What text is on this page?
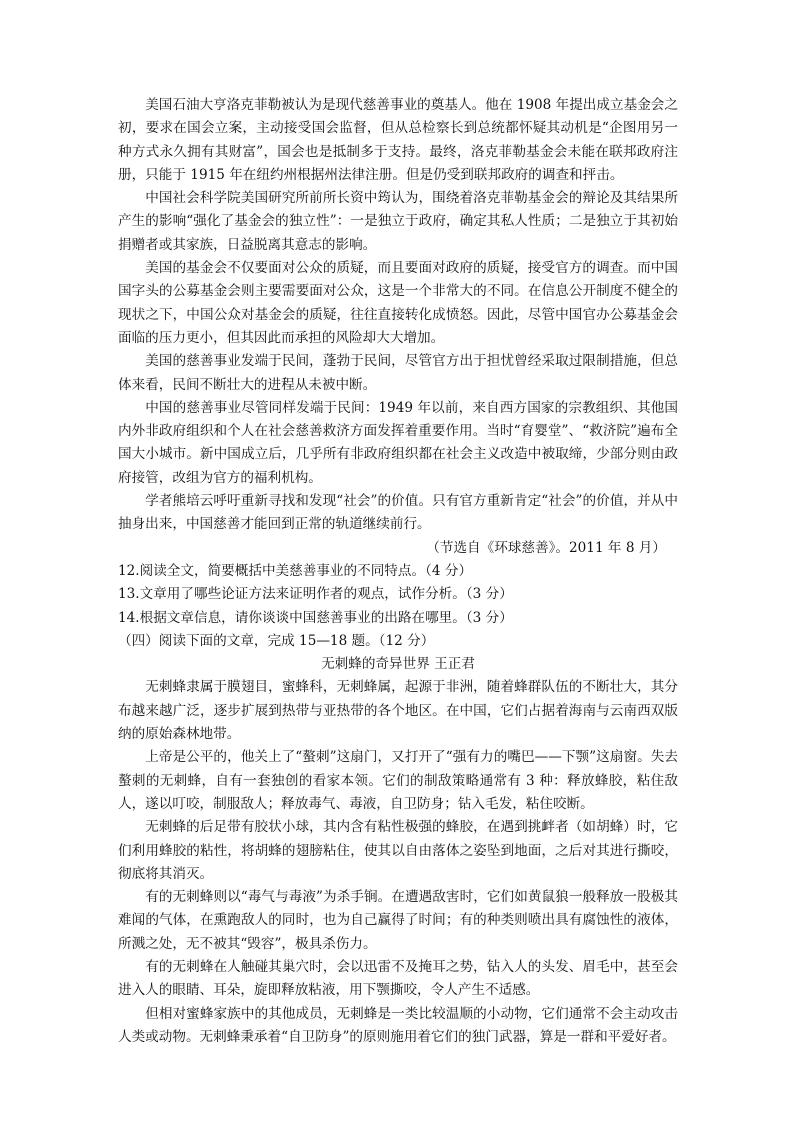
美国石油大亨洛克菲勒被认为是现代慈善事业的奠基人。他在 1908 年提出成立基金会之初，要求在国会立案，主动接受国会监督，但从总检察长到总统都怀疑其动机是“企图用另一种方式永久拥有其财富”，国会也是抵制多于支持。最终，洛克菲勒基金会未能在联邦政府注册，只能于 1915 年在纽约州根据州法律注册。但是仍受到联邦政府的调查和抨击。

中国社会科学院美国研究所前所长资中筠认为，围绕着洛克菲勒基金会的辩论及其结果所产生的影响“强化了基金会的独立性”：一是独立于政府，确定其私人性质；二是独立于其初始捐赠者或其家族，日益脱离其意志的影响。

美国的基金会不仅要面对公众的质疑，而且要面对政府的质疑，接受官方的调查。而中国国字头的公募基金会则主要需要面对公众，这是一个非常大的不同。在信息公开制度不健全的现状之下，中国公众对基金会的质疑，往往直接转化成愤怒。因此，尽管中国官办公募基金会面临的压力更小，但其因此而承担的风险却大大增加。

美国的慈善事业发端于民间，蓬勃于民间，尽管官方出于担忧曾经采取过限制措施，但总体来看，民间不断壮大的进程从未被中断。

中国的慈善事业尽管同样发端于民间：1949 年以前，来自西方国家的宗教组织、其他国内外非政府组织和个人在社会慈善救济方面发挥着重要作用。当时“育婴堂”、“救济院”遍布全国大小城市。新中国成立后，几乎所有非政府组织都在社会主义改造中被取缔，少部分则由政府接管，改组为官方的福利机构。

学者熊培云呼吁重新寻找和发现“社会”的价值。只有官方重新肯定“社会”的价值，并从中抽身出来，中国慈善才能回到正常的轨道继续前行。

（节选自《环球慈善》。2011 年 8 月）

12.阅读全文，简要概括中美慈善事业的不同特点。（4 分）

13.文章用了哪些论证方法来证明作者的观点，试作分析。（3 分）

14.根据文章信息，请你谈谈中国慈善事业的出路在哪里。（3 分）

（四）阅读下面的文章，完成 15—18 题。（12 分）

无刺蜂的奇异世界 王正君

无刺蜂隶属于膜翅目，蜜蜂科，无刺蜂属，起源于非洲，随着蜂群队伍的不断壮大，其分布越来越广泛，逐步扩展到热带与亚热带的各个地区。在中国，它们占据着海南与云南西双版纳的原始森林地带。

上帝是公平的，他关上了“螯刺”这扇门，又打开了“强有力的嘴巴——下颚”这扇窗。失去螯刺的无刺蜂，自有一套独创的看家本领。它们的制敌策略通常有 3 种：释放蜂胶，粘住敌人，遂以叮咬，制服敌人；释放毒气、毒液，自卫防身；钻入毛发，粘住咬断。

无刺蜂的后足带有胶状小球，其内含有粘性极强的蜂胶，在遇到挑衅者（如胡蜂）时，它们利用蜂胶的粘性，将胡蜂的翅膀粘住，使其以自由落体之姿坠到地面，之后对其进行撕咬，彻底将其消灭。

有的无刺蜂则以“毒气与毒液”为杀手锏。在遭遇敌害时，它们如黄鼠狼一般释放一股极其难闻的气体，在熏跑敌人的同时，也为自己赢得了时间；有的种类则喷出具有腐蚀性的液体，所溅之处，无不被其“毁容”，极具杀伤力。

有的无刺蜂在人触碰其巢穴时，会以迅雷不及掩耳之势，钻入人的头发、眉毛中，甚至会进入人的眼睛、耳朵，旋即释放粘液，用下颚撕咬，令人产生不适感。

但相对蜜蜂家族中的其他成员，无刺蜂是一类比较温顺的小动物，它们通常不会主动攻击人类或动物。无刺蜂秉承着“自卫防身”的原则施用着它们的独门武器，算是一群和平爱好者。
